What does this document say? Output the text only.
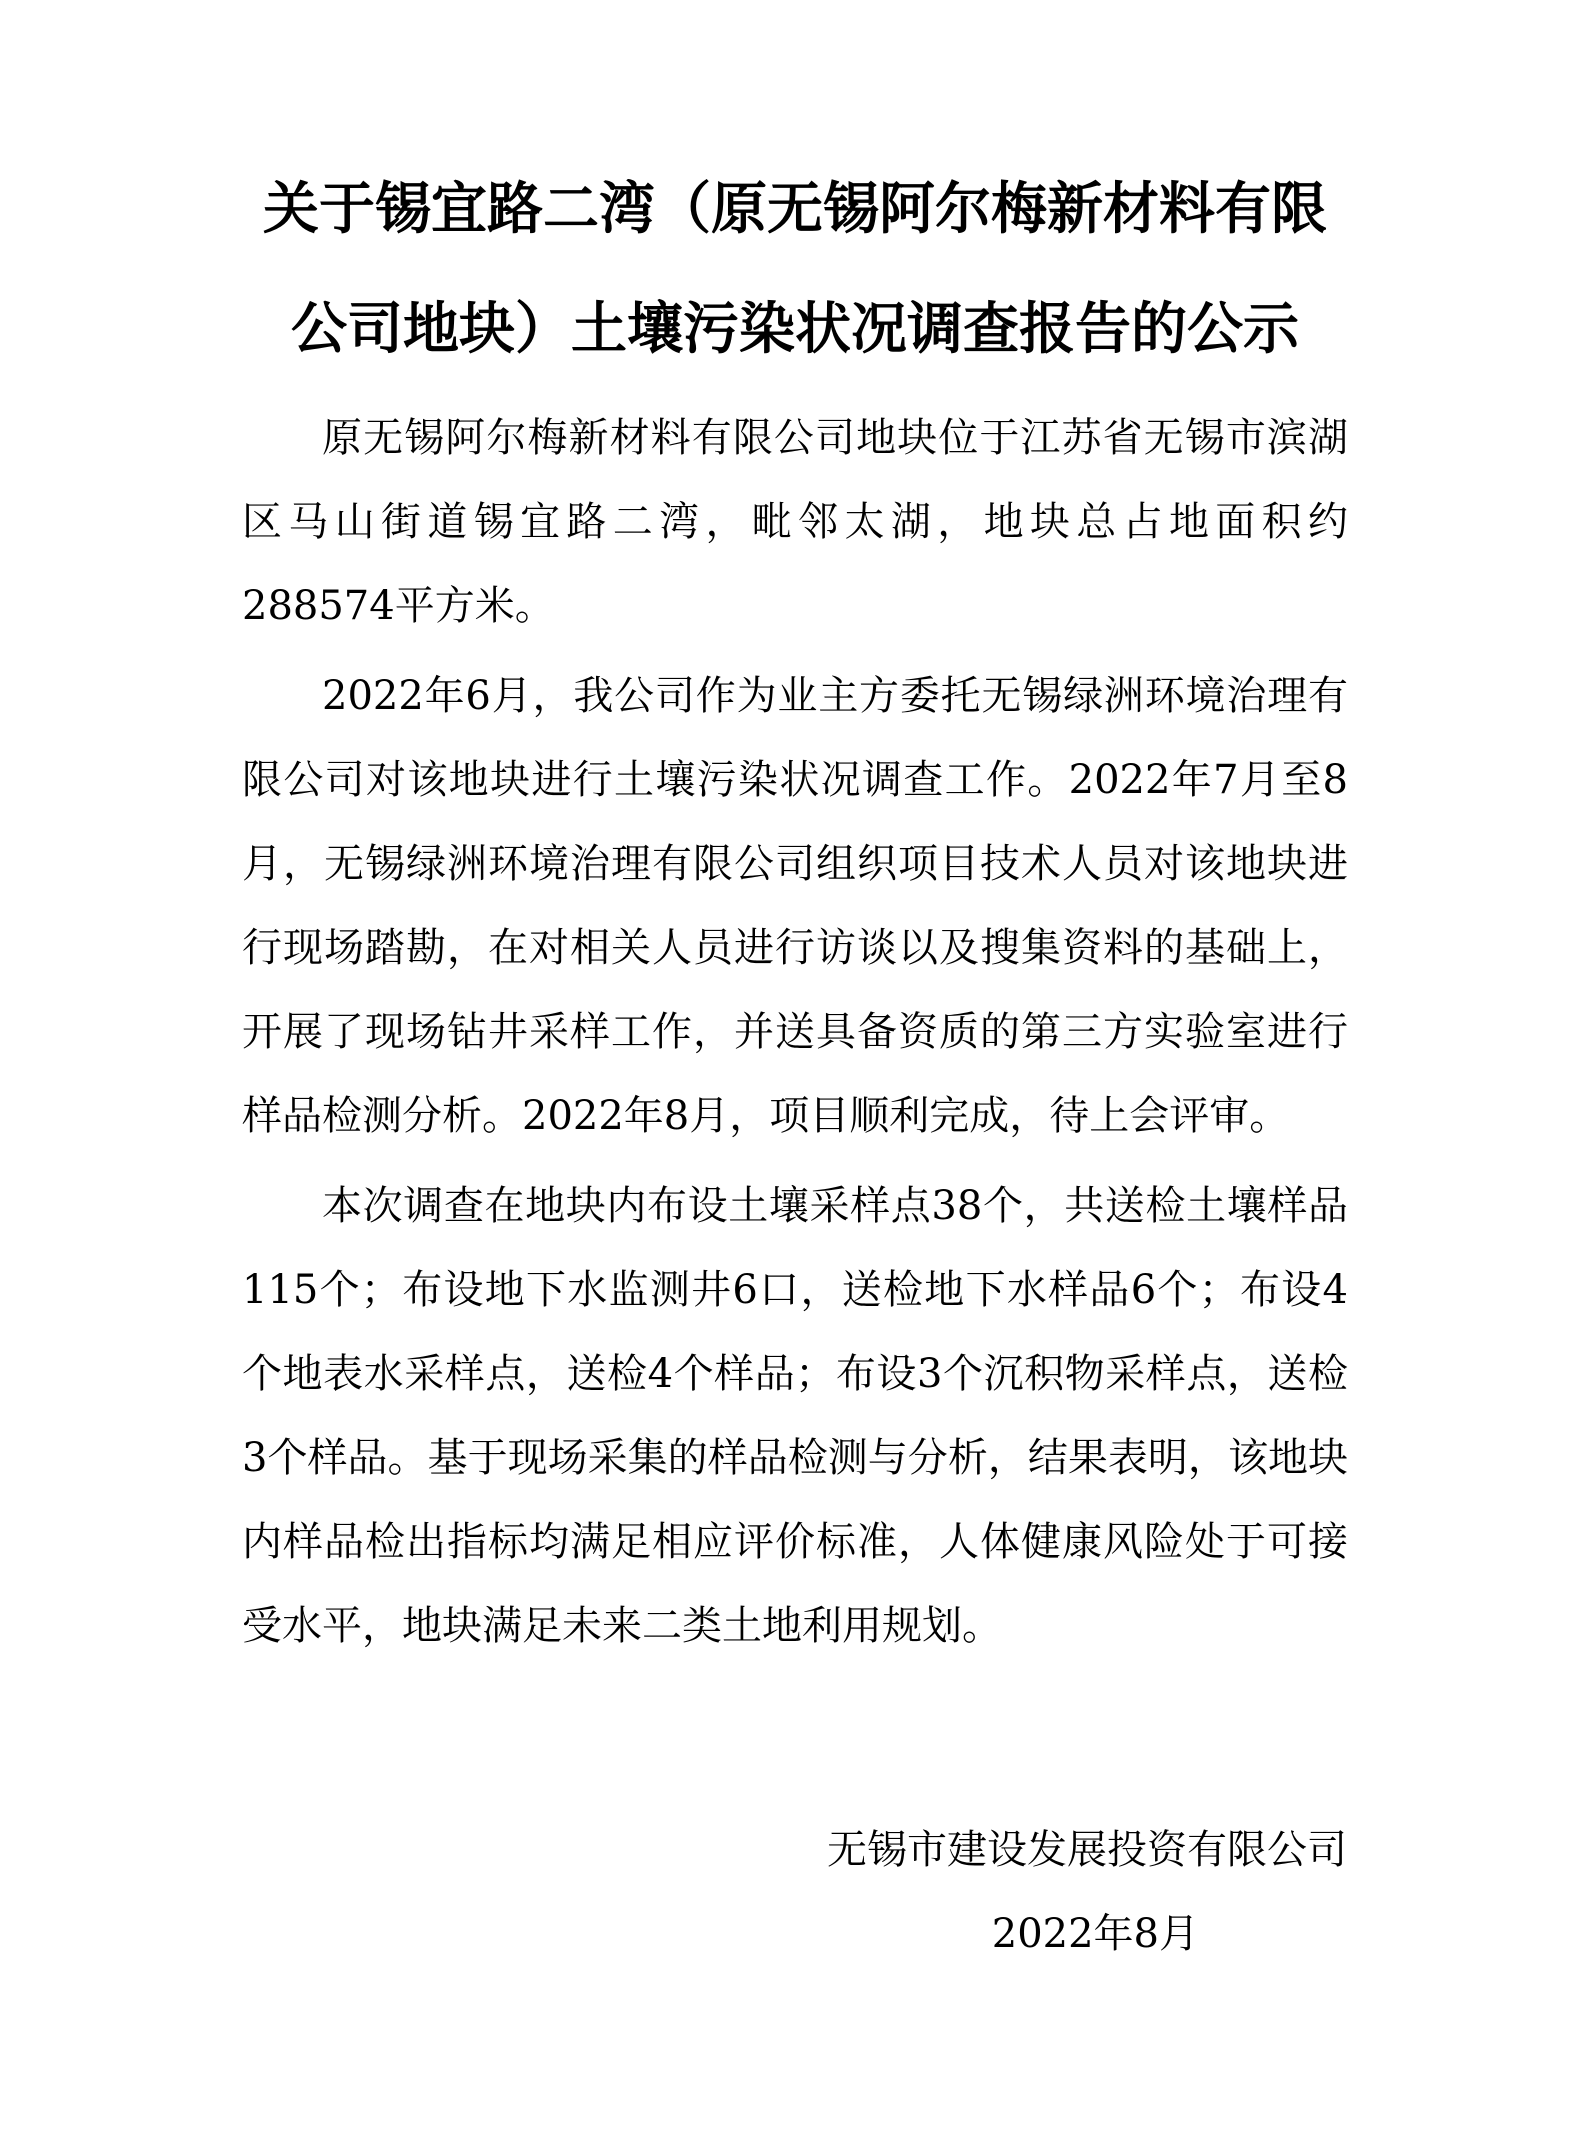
关于锡宜路二湾（原无锡阿尔梅新材料有限
公司地块）土壤污染状况调查报告的公示

原无锡阿尔梅新材料有限公司地块位于江苏省无锡市滨湖区马山街道锡宜路二湾，毗邻太湖，地块总占地面积约288574平方米。

2022年6月，我公司作为业主方委托无锡绿洲环境治理有限公司对该地块进行土壤污染状况调查工作。2022年7月至8月，无锡绿洲环境治理有限公司组织项目技术人员对该地块进行现场踏勘，在对相关人员进行访谈以及搜集资料的基础上，开展了现场钻井采样工作，并送具备资质的第三方实验室进行样品检测分析。2022年8月，项目顺利完成，待上会评审。

本次调查在地块内布设土壤采样点38个，共送检土壤样品115个；布设地下水监测井6口，送检地下水样品6个；布设4个地表水采样点，送检4个样品；布设3个沉积物采样点，送检3个样品。基于现场采集的样品检测与分析，结果表明，该地块内样品检出指标均满足相应评价标准，人体健康风险处于可接受水平，地块满足未来二类土地利用规划。

无锡市建设发展投资有限公司
2022年8月
